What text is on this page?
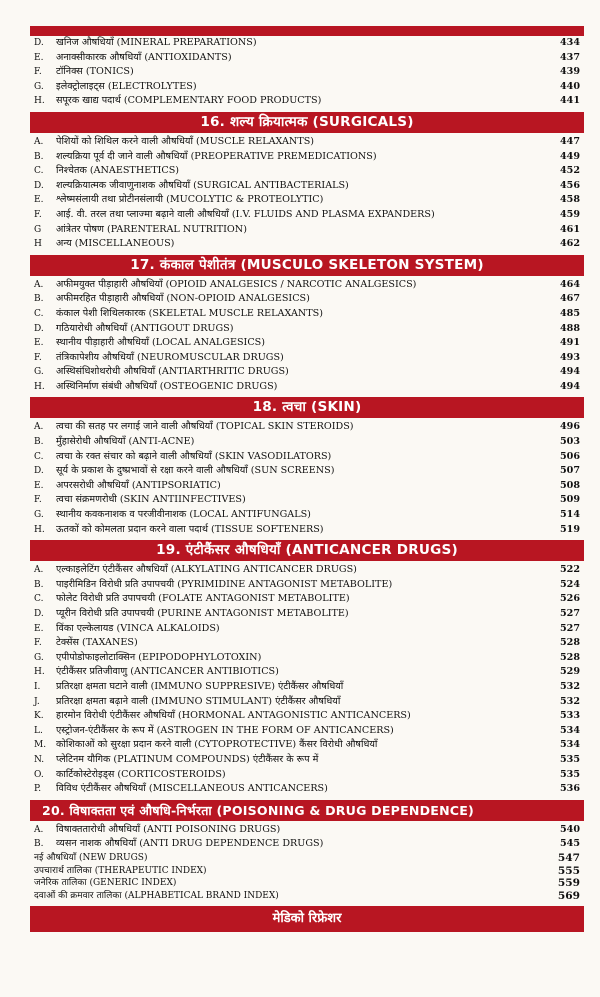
D.	खनिज औषधियाँ (MINERAL PREPARATIONS)	434
E.	अनाक्सीकारक औषधियाँ (ANTIOXIDANTS)	437
F.	टॉनिक्स (TONICS)	439
G.	इलेक्ट्रोलाइट्स (ELECTROLYTES)	440
H.	सपूरक खाद्य पदार्थ (COMPLEMENTARY FOOD PRODUCTS)	441
16. शल्य क्रियात्मक (SURGICALS)
A.	पेशियों को शिथिल करने वाली औषधियाँ (MUSCLE RELAXANTS)	447
B.	शल्यक्रिया पूर्व दी जाने वाली औषधियाँ (PREOPERATIVE PREMEDICATIONS)	449
C.	निश्चेतक (ANAESTHETICS)	452
D.	शल्यक्रियात्मक जीवाणुनाशक औषधियाँ (SURGICAL ANTIBACTERIALS)	456
E.	श्लेष्मसंलायी तथा प्रोटीनसंलायी (MUCOLYTIC & PROTEOLYTIC)	458
F.	आई. वी. तरल तथा प्लाज्मा बढ़ाने वाली औषधियाँ (I.V. FLUIDS AND PLASMA EXPANDERS)	459
G	आंत्रेतर पोषण (PARENTERAL NUTRITION)	461
H	अन्य (MISCELLANEOUS)	462
17. कंकाल पेशीतंत्र (MUSCULO SKELETON SYSTEM)
A.	अफीमयुक्त पीड़ाहारी औषधियाँ (OPIOID ANALGESICS / NARCOTIC ANALGESICS)	464
B.	अफीमरहित पीड़ाहारी औषधियाँ (NON-OPIOID ANALGESICS)	467
C.	कंकाल पेशी शिथिलकारक (SKELETAL MUSCLE RELAXANTS)	485
D.	गठियारोधी औषधियाँ (ANTIGOUT DRUGS)	488
E.	स्थानीय पीड़ाहारी औषधियाँ (LOCAL ANALGESICS)	491
F.	तंत्रिकापेशीय औषधियाँ (NEUROMUSCULAR DRUGS)	493
G.	अस्थिसंधिशोथरोधी औषधियाँ (ANTIARTHRITIC DRUGS)	494
H.	अस्थिनिर्माण संबंधी औषधियाँ (OSTEOGENIC DRUGS)	494
18. त्वचा (SKIN)
A.	त्वचा की सतह पर लगाई जाने वाली औषधियाँ (TOPICAL SKIN STEROIDS)	496
B.	मुँहासेरोधी औषधियाँ (ANTI-ACNE)	503
C.	त्वचा के रक्त संचार को बढ़ाने वाली औषधियाँ (SKIN VASODILATORS)	506
D.	सूर्य के प्रकाश के दुष्प्रभावों से रक्षा करने वाली औषधियाँ (SUN SCREENS)	507
E.	अपरसरोधी औषधियाँ (ANTIPSORIATIC)	508
F.	त्वचा संक्रमणरोधी (SKIN ANTIINFECTIVES)	509
G.	स्थानीय कवकनाशक व परजीवीनाशक (LOCAL ANTIFUNGALS)	514
H.	ऊतकों को कोमलता प्रदान करने वाला पदार्थ (TISSUE SOFTENERS)	519
19. एंटीकैंसर औषधियाँ (ANTICANCER DRUGS)
A.	एल्काइलेटिंग एंटीकैंसर औषधियाँ (ALKYLATING ANTICANCER DRUGS)	522
B.	पाइरीमिडिन विरोधी प्रति उपापचयी (PYRIMIDINE ANTAGONIST METABOLITE)	524
C.	फोलेट विरोधी प्रति उपापचयी (FOLATE ANTAGONIST METABOLITE)	526
D.	प्यूरीन विरोधी प्रति उपापचयी (PURINE ANTAGONIST METABOLITE)	527
E.	विंका एल्केलायड (VINCA ALKALOIDS)	527
F.	टेक्सेंस (TAXANES)	528
G.	एपीपोडोफाइलोटाक्सिन (EPIPODOPHYLOTOXIN)	528
H.	एंटीकैंसर प्रतिजीवाणु (ANTICANCER ANTIBIOTICS)	529
I.	प्रतिरक्षा क्षमता घटाने वाली (IMMUNO SUPPRESIVE) एंटीकैंसर औषधियाँ	532
J.	प्रतिरक्षा क्षमता बढ़ाने वाली (IMMUNO STIMULANT) एंटीकैंसर औषधियाँ	532
K.	हारमोन विरोधी एंटीकैंसर औषधियाँ (HORMONAL ANTAGONISTIC ANTICANCERS)	533
L.	एस्ट्रोजन-एंटीकैंसर के रूप में (ASTROGEN IN THE FORM OF ANTICANCERS)	534
M.	कोशिकाओं को सुरक्षा प्रदान करने वाली (CYTOPROTECTIVE) कैंसर विरोधी औषधियाँ	534
N.	प्लेटिनम यौगिक (PLATINUM COMPOUNDS) एंटीकैंसर के रूप में	535
O.	कार्टिकोस्टेरोइड्स (CORTICOSTEROIDS)	535
P.	विविध एंटीकैंसर औषधियाँ (MISCELLANEOUS ANTICANCERS)	536
20. विषाक्तता एवं औषधि-निर्भरता (POISONING & DRUG DEPENDENCE)
A.	विषाक्ततारोधी औषधियाँ (ANTI POISONING DRUGS)	540
B.	व्यसन नाशक औषधियाँ (ANTI DRUG DEPENDENCE DRUGS)	545
नई औषधियाँ (NEW DRUGS)	547
उपचारार्थ तालिका (THERAPEUTIC INDEX)	555
जनेरिक तालिका (GENERIC INDEX)	559
दवाओं की क्रमवार तालिका (ALPHABETICAL BRAND INDEX)	569
मेडिको रिफ्रेशर
